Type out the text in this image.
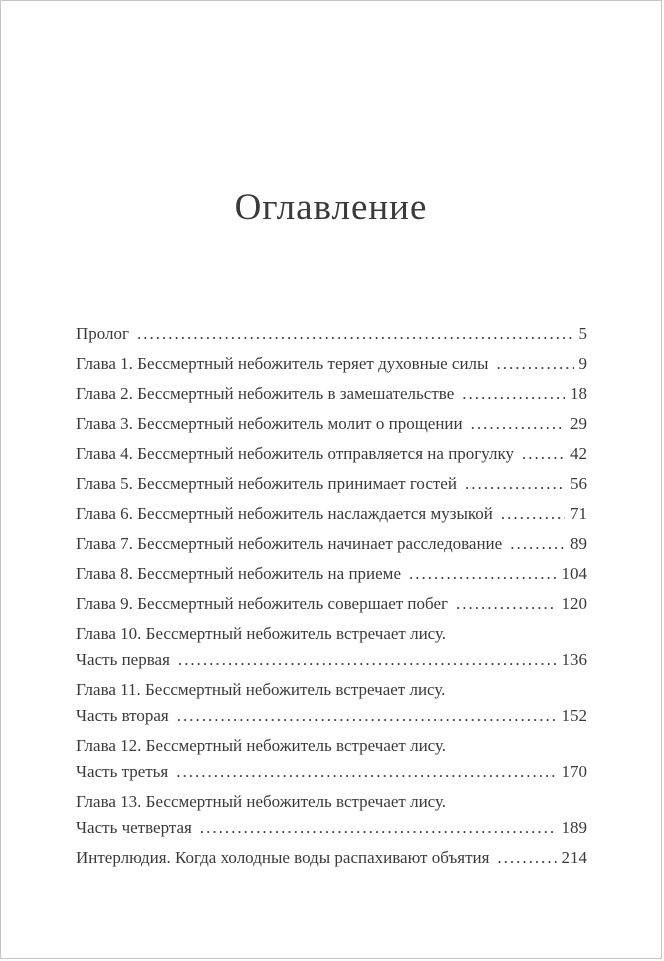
Оглавление
Пролог .....	5
Глава 1. Бессмертный небожитель теряет духовные силы .....	9
Глава 2. Бессмертный небожитель в замешательстве .....	18
Глава 3. Бессмертный небожитель молит о прощении .....	29
Глава 4. Бессмертный небожитель отправляется на прогулку .....	42
Глава 5. Бессмертный небожитель принимает гостей .....	56
Глава 6. Бессмертный небожитель наслаждается музыкой .....	71
Глава 7. Бессмертный небожитель начинает расследование .....	89
Глава 8. Бессмертный небожитель на приеме .....	104
Глава 9. Бессмертный небожитель совершает побег .....	120
Глава 10. Бессмертный небожитель встречает лису.
Часть первая .....	136
Глава 11. Бессмертный небожитель встречает лису.
Часть вторая .....	152
Глава 12. Бессмертный небожитель встречает лису.
Часть третья .....	170
Глава 13. Бессмертный небожитель встречает лису.
Часть четвертая .....	189
Интерлюдия. Когда холодные воды распахивают объятия .....	214
